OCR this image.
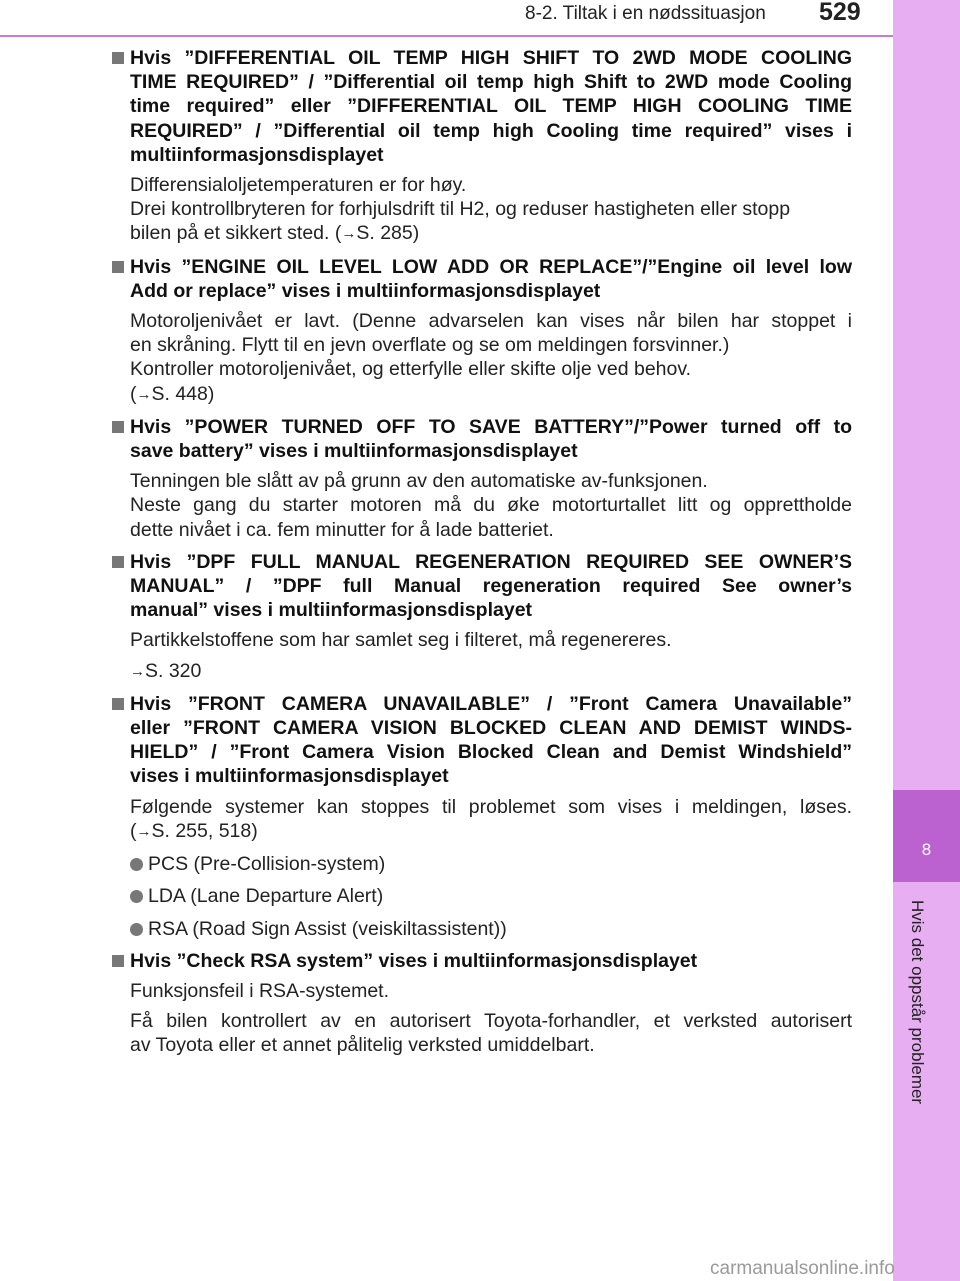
8-2. Tiltak i en nødssituasjon 529
8
Hvis det oppstår problemer
Hvis ”DIFFERENTIAL OIL TEMP HIGH SHIFT TO 2WD MODE COOLING
TIME REQUIRED” / ”Differential oil temp high Shift to 2WD mode Cooling
time required” eller ”DIFFERENTIAL OIL TEMP HIGH COOLING TIME
REQUIRED” / ”Differential oil temp high Cooling time required” vises i
multiinformasjonsdisplayet
Differensialoljetemperaturen er for høy.
Drei kontrollbryteren for forhjulsdrift til H2, og reduser hastigheten eller stopp
bilen på et sikkert sted. (→S. 285)
Hvis ”ENGINE OIL LEVEL LOW ADD OR REPLACE”/”Engine oil level low
Add or replace” vises i multiinformasjonsdisplayet
Motoroljenivået er lavt. (Denne advarselen kan vises når bilen har stoppet i
en skråning. Flytt til en jevn overflate og se om meldingen forsvinner.)
Kontroller motoroljenivået, og etterfylle eller skifte olje ved behov.
(→S. 448)
Hvis ”POWER TURNED OFF TO SAVE BATTERY”/”Power turned off to
save battery” vises i multiinformasjonsdisplayet
Tenningen ble slått av på grunn av den automatiske av-funksjonen.
Neste gang du starter motoren må du øke motorturtallet litt og opprettholde
dette nivået i ca. fem minutter for å lade batteriet.
Hvis ”DPF FULL MANUAL REGENERATION REQUIRED SEE OWNER’S
MANUAL” / ”DPF full Manual regeneration required See owner’s
manual” vises i multiinformasjonsdisplayet
Partikkelstoffene som har samlet seg i filteret, må regenereres.
→S. 320
Hvis ”FRONT CAMERA UNAVAILABLE” / ”Front Camera Unavailable”
eller ”FRONT CAMERA VISION BLOCKED CLEAN AND DEMIST WINDS-
HIELD” / ”Front Camera Vision Blocked Clean and Demist Windshield”
vises i multiinformasjonsdisplayet
Følgende systemer kan stoppes til problemet som vises i meldingen, løses.
(→S. 255, 518)
PCS (Pre-Collision-system)
LDA (Lane Departure Alert)
RSA (Road Sign Assist (veiskiltassistent))
Hvis ”Check RSA system” vises i multiinformasjonsdisplayet
Funksjonsfeil i RSA-systemet.
Få bilen kontrollert av en autorisert Toyota-forhandler, et verksted autorisert
av Toyota eller et annet pålitelig verksted umiddelbart.
carmanualsonline.info
